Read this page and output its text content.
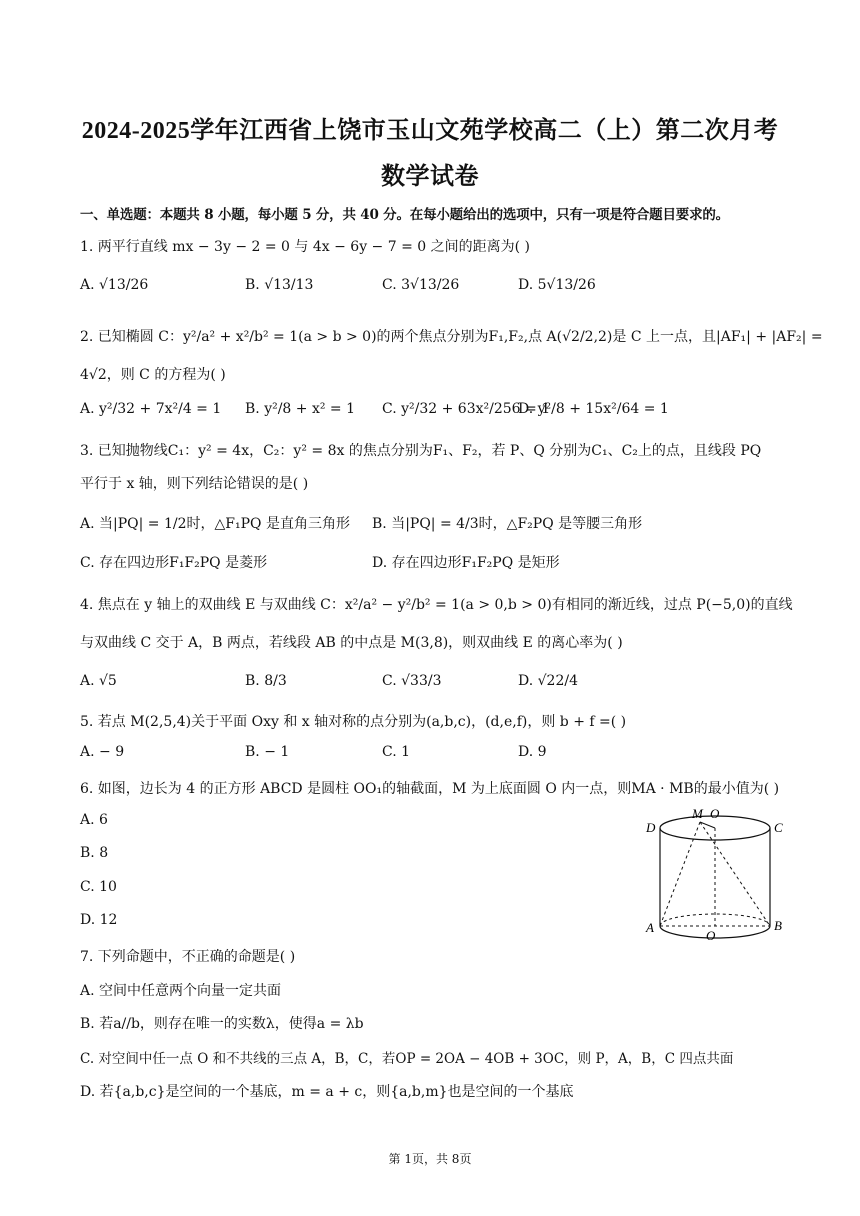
2024-2025学年江西省上饶市玉山文苑学校高二（上）第二次月考
数学试卷
一、单选题：本题共 8 小题，每小题 5 分，共 40 分。在每小题给出的选项中，只有一项是符合题目要求的。
1. 两平行直线 mx − 3y − 2 = 0 与 4x − 6y − 7 = 0 之间的距离为( )
A. √13/26	B. √13/13	C. 3√13/26	D. 5√13/26
2. 已知椭圆 C：y²/a² + x²/b² = 1(a > b > 0)的两个焦点分别为F₁,F₂,点 A(√2/2,2)是 C 上一点，且|AF₁| + |AF₂| =
4√2，则 C 的方程为( )
A. y²/32 + 7x²/4 = 1 B. y²/8 + x² = 1 C. y²/32 + 63x²/256 = 1
D. y²/8 + 15x²/64 = 1
3. 已知抛物线C₁：y² = 4x，C₂：y² = 8x 的焦点分别为F₁、F₂，若 P、Q 分别为C₁、C₂上的点，且线段 PQ
平行于 x 轴，则下列结论错误的是( )
A. 当|PQ| = 1/2时，△F₁PQ 是直角三角形 B. 当|PQ| = 4/3时，△F₂PQ 是等腰三角形
C. 存在四边形F₁F₂PQ 是菱形	D. 存在四边形F₁F₂PQ 是矩形
4. 焦点在 y 轴上的双曲线 E 与双曲线 C：x²/a² − y²/b² = 1(a > 0,b > 0)有相同的渐近线，过点 P(−5,0)的直线
与双曲线 C 交于 A，B 两点，若线段 AB 的中点是 M(3,8)，则双曲线 E 的离心率为( )
A. √5	B. 8/3	C. √33/3	D. √22/4
5. 若点 M(2,5,4)关于平面 Oxy 和 x 轴对称的点分别为(a,b,c)，(d,e,f)，则 b + f =( )
A. − 9	B. − 1	C. 1	D. 9
6. 如图，边长为 4 的正方形 ABCD 是圆柱 OO₁的轴截面，M 为上底面圆 O 内一点，则MA · MB的最小值为( )
A. 6
B. 8
C. 10
D. 12
D
M O
C
A
O
B
7. 下列命题中，不正确的命题是( )
A. 空间中任意两个向量一定共面
B. 若a//b，则存在唯一的实数λ，使得a = λb
C. 对空间中任一点 O 和不共线的三点 A，B，C，若OP = 2OA − 4OB + 3OC，则 P，A，B，C 四点共面
D. 若{a,b,c}是空间的一个基底，m = a + c，则{a,b,m}也是空间的一个基底
第 1页，共 8页
